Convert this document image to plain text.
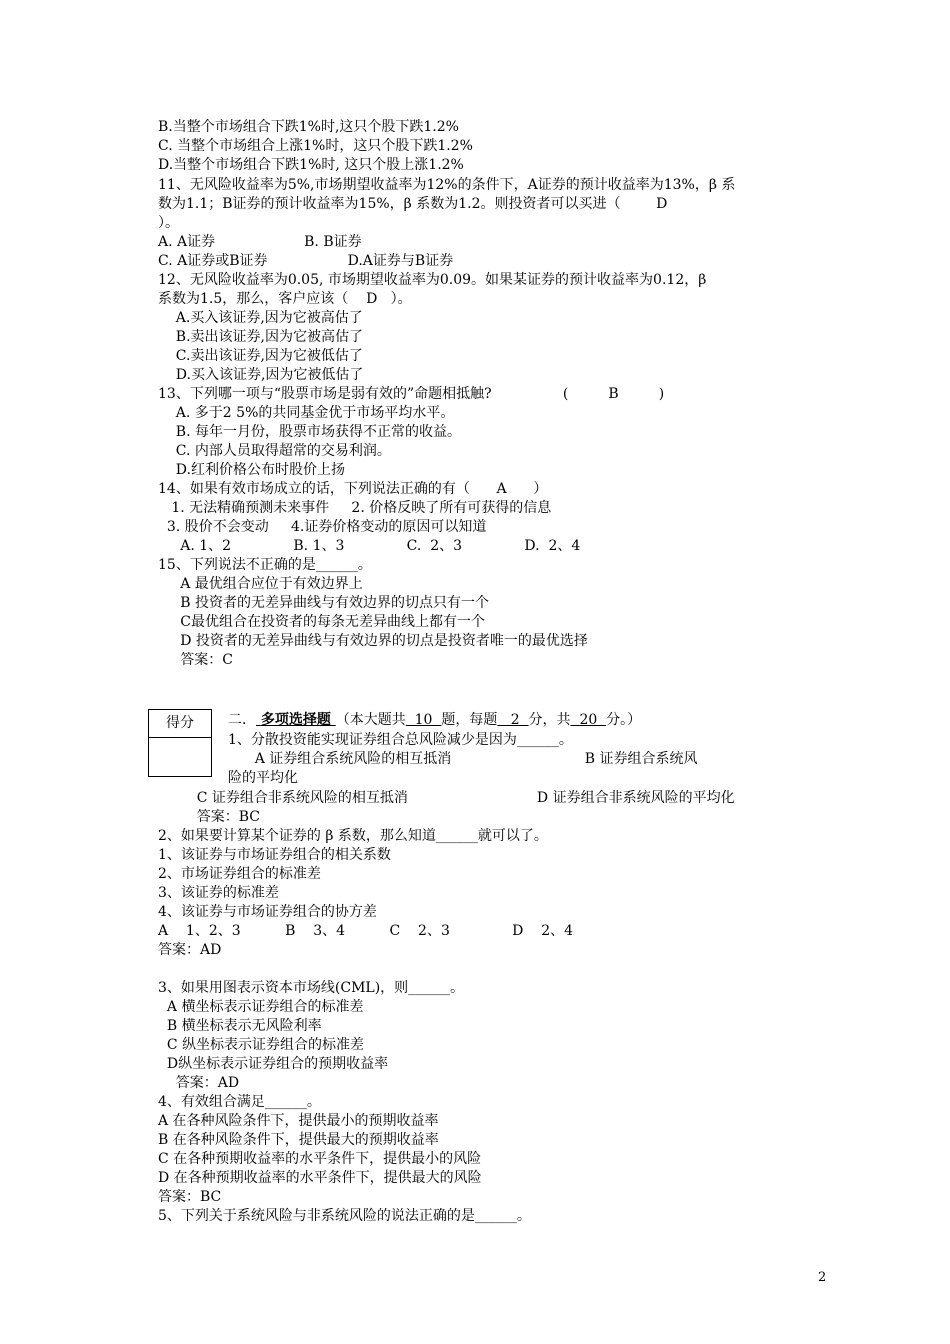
B.当整个市场组合下跌1%时,这只个股下跌1.2%
C. 当整个市场组合上涨1%时，这只个股下跌1.2%
D.当整个市场组合下跌1%时, 这只个股上涨1.2%
11、无风险收益率为5%,市场期望收益率为12%的条件下，A证券的预计收益率为13%，β 系
数为1.1；B证券的预计收益率为15%，β 系数为1.2。则投资者可以买进（        D
）。
A. A证券                    B. B证券
C. A证券或B证券                  D.A证券与B证券
12、无风险收益率为0.05, 市场期望收益率为0.09。如果某证券的预计收益率为0.12，β
系数为1.5，那么，客户应该（    D   ）。
A.买入该证券,因为它被高估了
B.卖出该证券,因为它被高估了
C.卖出该证券,因为它被低估了
D.买入该证券,因为它被低估了
13、下列哪一项与“股票市场是弱有效的”命题相抵触?                (         B         )
A. 多于2 5%的共同基金优于市场平均水平。
B. 每年一月份，股票市场获得不正常的收益。
C. 内部人员取得超常的交易利润。
D.红利价格公布时股价上扬
14、如果有效市场成立的话，下列说法正确的有（      A      ）
1. 无法精确预测未来事件     2. 价格反映了所有可获得的信息
3. 股价不会变动     4.证券价格变动的原因可以知道
A. 1、2              B. 1、3              C.  2、3              D.  2、4
15、下列说法不正确的是______。
A 最优组合应位于有效边界上
B 投资者的无差异曲线与有效边界的切点只有一个
C最优组合在投资者的每条无差异曲线上都有一个
D 投资者的无差异曲线与有效边界的切点是投资者唯一的最优选择
答案：C
得分	二． 多项选择题 （本大题共  10  题，每题   2  分，共  20  分。）
1、分散投资能实现证券组合总风险减少是因为______。
A 证券组合系统风险的相互抵消                              B 证券组合系统风
险的平均化
C 证券组合非系统风险的相互抵消                             D 证券组合非系统风险的平均化
答案：BC
2、如果要计算某个证券的 β 系数，那么知道______就可以了。
1、该证券与市场证券组合的相关系数
2、市场证券组合的标准差
3、该证券的标准差
4、该证券与市场证券组合的协方差
A    1、2、3          B    3、4          C    2、3              D    2、4
答案：AD
3、如果用图表示资本市场线(CML)，则______。
A 横坐标表示证券组合的标准差
B 横坐标表示无风险利率
C 纵坐标表示证券组合的标准差
D纵坐标表示证券组合的预期收益率
答案：AD
4、有效组合满足______。
A 在各种风险条件下，提供最小的预期收益率
B 在各种风险条件下，提供最大的预期收益率
C 在各种预期收益率的水平条件下，提供最小的风险
D 在各种预期收益率的水平条件下，提供最大的风险
答案：BC
5、下列关于系统风险与非系统风险的说法正确的是______。
2
